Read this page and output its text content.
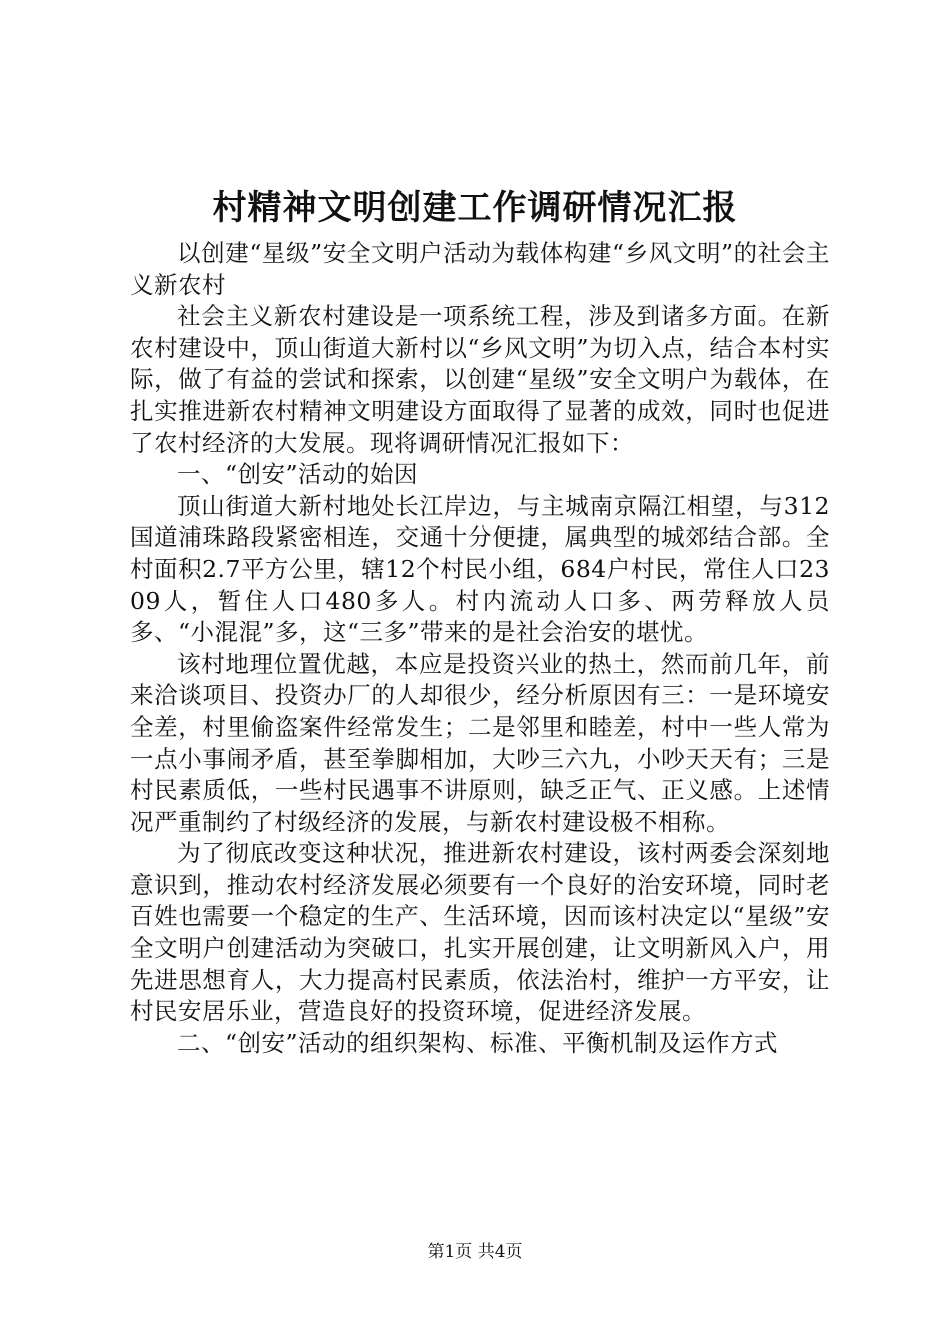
村精神文明创建工作调研情况汇报

以创建“星级”安全文明户活动为载体构建“乡风文明”的社会主义新农村

社会主义新农村建设是一项系统工程，涉及到诸多方面。在新农村建设中，顶山街道大新村以“乡风文明”为切入点，结合本村实际，做了有益的尝试和探索，以创建“星级”安全文明户为载体，在扎实推进新农村精神文明建设方面取得了显著的成效，同时也促进了农村经济的大发展。现将调研情况汇报如下：

一、“创安”活动的始因

顶山街道大新村地处长江岸边，与主城南京隔江相望，与312国道浦珠路段紧密相连，交通十分便捷，属典型的城郊结合部。全村面积2.7平方公里，辖12个村民小组，684户村民，常住人口2309人，暂住人口480多人。村内流动人口多、两劳释放人员多、“小混混”多，这“三多”带来的是社会治安的堪忧。

该村地理位置优越，本应是投资兴业的热土，然而前几年，前来洽谈项目、投资办厂的人却很少，经分析原因有三：一是环境安全差，村里偷盗案件经常发生；二是邻里和睦差，村中一些人常为一点小事闹矛盾，甚至拳脚相加，大吵三六九，小吵天天有；三是村民素质低，一些村民遇事不讲原则，缺乏正气、正义感。上述情况严重制约了村级经济的发展，与新农村建设极不相称。

为了彻底改变这种状况，推进新农村建设，该村两委会深刻地意识到，推动农村经济发展必须要有一个良好的治安环境，同时老百姓也需要一个稳定的生产、生活环境，因而该村决定以“星级”安全文明户创建活动为突破口，扎实开展创建，让文明新风入户，用先进思想育人，大力提高村民素质，依法治村，维护一方平安，让村民安居乐业，营造良好的投资环境，促进经济发展。

二、“创安”活动的组织架构、标准、平衡机制及运作方式

第1页 共4页
